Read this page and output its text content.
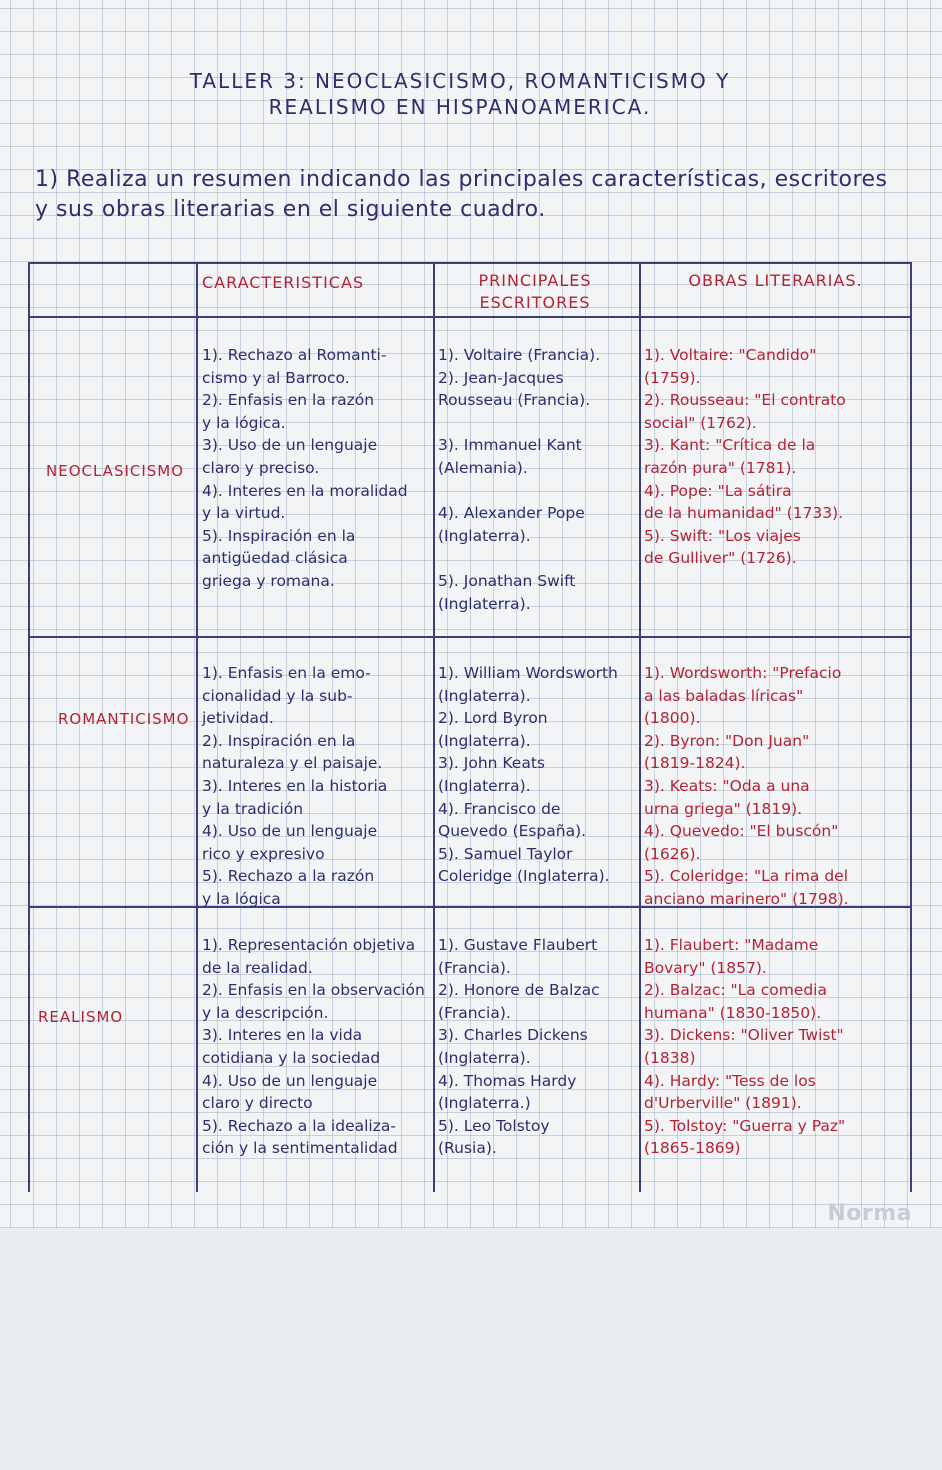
TALLER 3: NEOCLASICISMO, ROMANTICISMO Y
REALISMO EN HISPANOAMERICA.
1) Realiza un resumen indicando las principales características, escritores y sus obras literarias en el siguiente cuadro.
CARACTERISTICAS	PRINCIPALES ESCRITORES
OBRAS LITERARIAS.
NEOCLASICISMO
1). Rechazo al Romanti-
cismo y al Barroco.
2). Enfasis en la razón
y la lógica.
3). Uso de un lenguaje
claro y preciso.
4). Interes en la moralidad
y la virtud.
5). Inspiración en la
antigüedad clásica
griega y romana.
1). Voltaire (Francia).
2). Jean-Jacques
Rousseau (Francia).

3). Immanuel Kant
(Alemania).

4). Alexander Pope
(Inglaterra).

5). Jonathan Swift
(Inglaterra).
1). Voltaire: "Candido"
(1759).
2). Rousseau: "El contrato
social" (1762).
3). Kant: "Crítica de la
razón pura" (1781).
4). Pope: "La sátira
de la humanidad" (1733).
5). Swift: "Los viajes
de Gulliver" (1726).
ROMANTICISMO
1). Enfasis en la emo-
cionalidad y la sub-
jetividad.
2). Inspiración en la
naturaleza y el paisaje.
3). Interes en la historia
y la tradición
4). Uso de un lenguaje
rico y expresivo
5). Rechazo a la razón
y la lógica
1). William Wordsworth
(Inglaterra).
2). Lord Byron
(Inglaterra).
3). John Keats
(Inglaterra).
4). Francisco de
Quevedo (España).
5). Samuel Taylor
Coleridge (Inglaterra).
1). Wordsworth: "Prefacio
a las baladas líricas"
(1800).
2). Byron: "Don Juan"
(1819-1824).
3). Keats: "Oda a una
urna griega" (1819).
4). Quevedo: "El buscón"
(1626).
5). Coleridge: "La rima del
anciano marinero" (1798).
REALISMO
1). Representación objetiva
de la realidad.
2). Enfasis en la observación
y la descripción.
3). Interes en la vida
cotidiana y la sociedad
4). Uso de un lenguaje
claro y directo
5). Rechazo a la idealiza-
ción y la sentimentalidad
1). Gustave Flaubert
(Francia).
2). Honore de Balzac
(Francia).
3). Charles Dickens
(Inglaterra).
4). Thomas Hardy
(Inglaterra.)
5). Leo Tolstoy
(Rusia).
1). Flaubert: "Madame
Bovary" (1857).
2). Balzac: "La comedia
humana" (1830-1850).
3). Dickens: "Oliver Twist"
(1838)
4). Hardy: "Tess de los
d'Urberville" (1891).
5). Tolstoy: "Guerra y Paz"
(1865-1869)
Norma
